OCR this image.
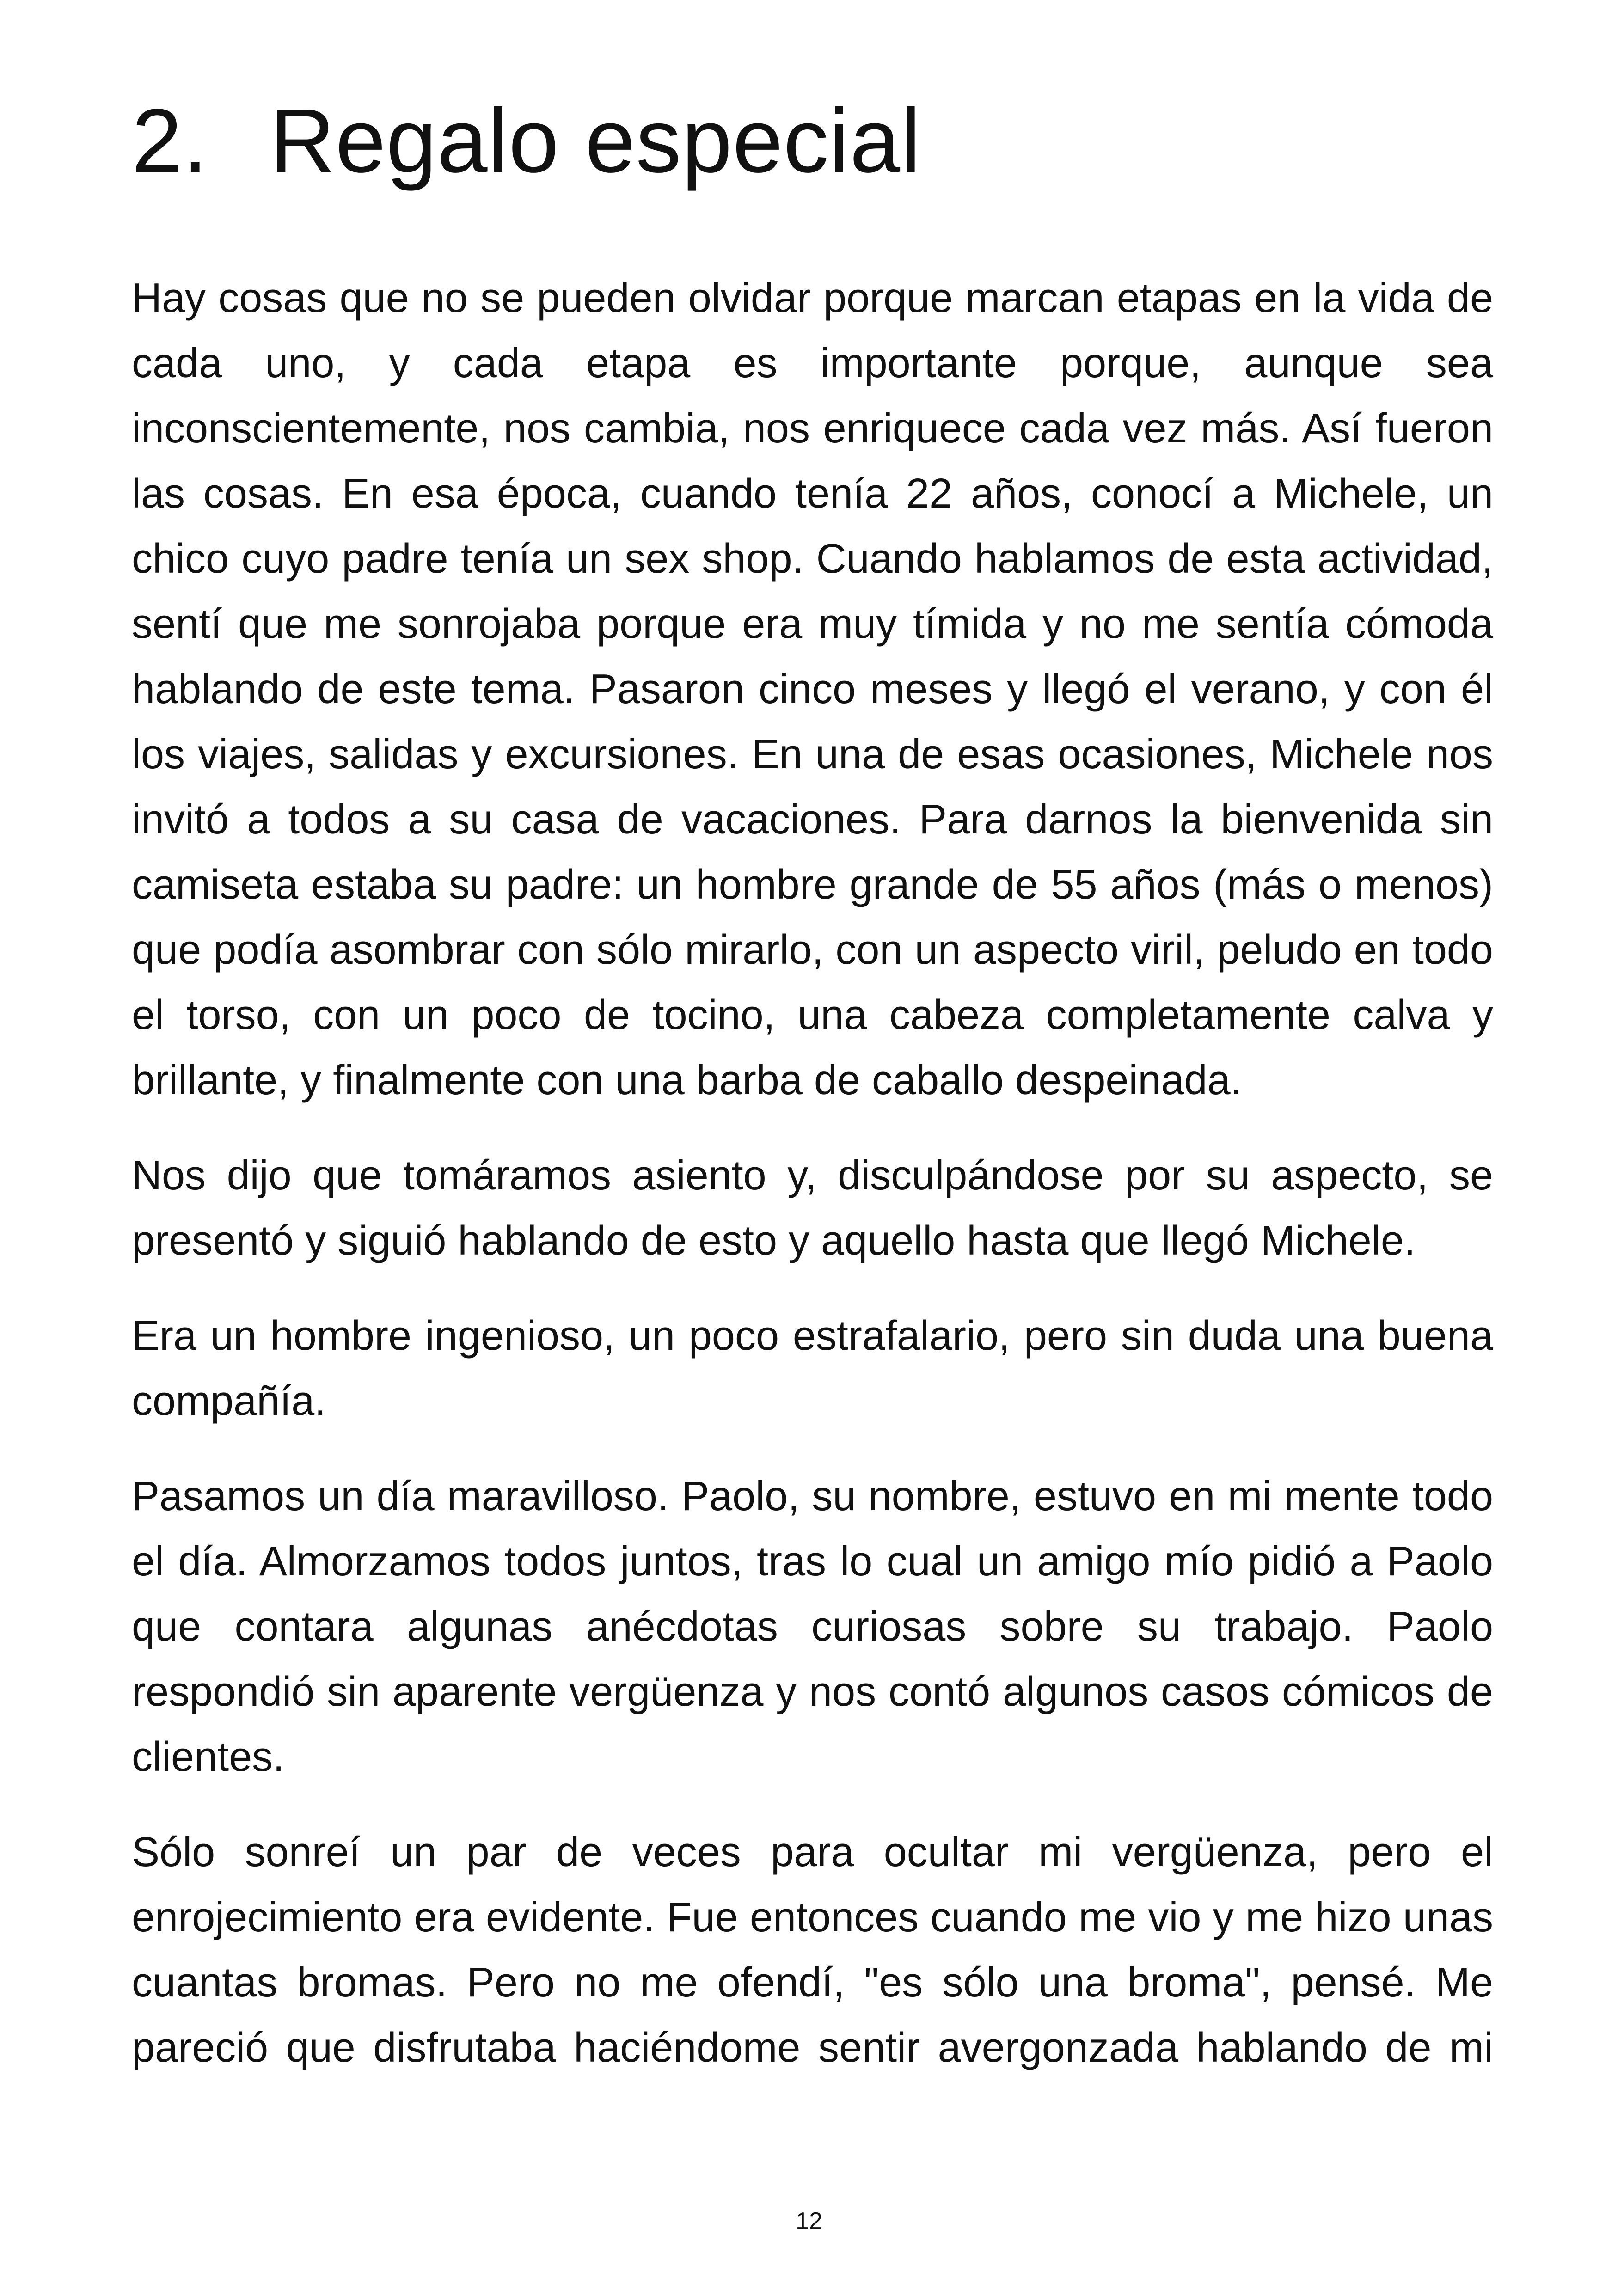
2. Regalo especial

Hay cosas que no se pueden olvidar porque marcan etapas en la vida de cada uno, y cada etapa es importante porque, aunque sea inconscientemente, nos cambia, nos enriquece cada vez más. Así fueron las cosas. En esa época, cuando tenía 22 años, conocí a Michele, un chico cuyo padre tenía un sex shop. Cuando hablamos de esta actividad, sentí que me sonrojaba porque era muy tímida y no me sentía cómoda hablando de este tema. Pasaron cinco meses y llegó el verano, y con él los viajes, salidas y excursiones. En una de esas ocasiones, Michele nos invitó a todos a su casa de vacaciones. Para darnos la bienvenida sin camiseta estaba su padre: un hombre grande de 55 años (más o menos) que podía asombrar con sólo mirarlo, con un aspecto viril, peludo en todo el torso, con un poco de tocino, una cabeza completamente calva y brillante, y finalmente con una barba de caballo despeinada.

Nos dijo que tomáramos asiento y, disculpándose por su aspecto, se presentó y siguió hablando de esto y aquello hasta que llegó Michele.

Era un hombre ingenioso, un poco estrafalario, pero sin duda una buena compañía.

Pasamos un día maravilloso. Paolo, su nombre, estuvo en mi mente todo el día. Almorzamos todos juntos, tras lo cual un amigo mío pidió a Paolo que contara algunas anécdotas curiosas sobre su trabajo. Paolo respondió sin aparente vergüenza y nos contó algunos casos cómicos de clientes.

Sólo sonreí un par de veces para ocultar mi vergüenza, pero el enrojecimiento era evidente. Fue entonces cuando me vio y me hizo unas cuantas bromas. Pero no me ofendí, "es sólo una broma", pensé. Me pareció que disfrutaba haciéndome sentir avergonzada hablando de mi

12
